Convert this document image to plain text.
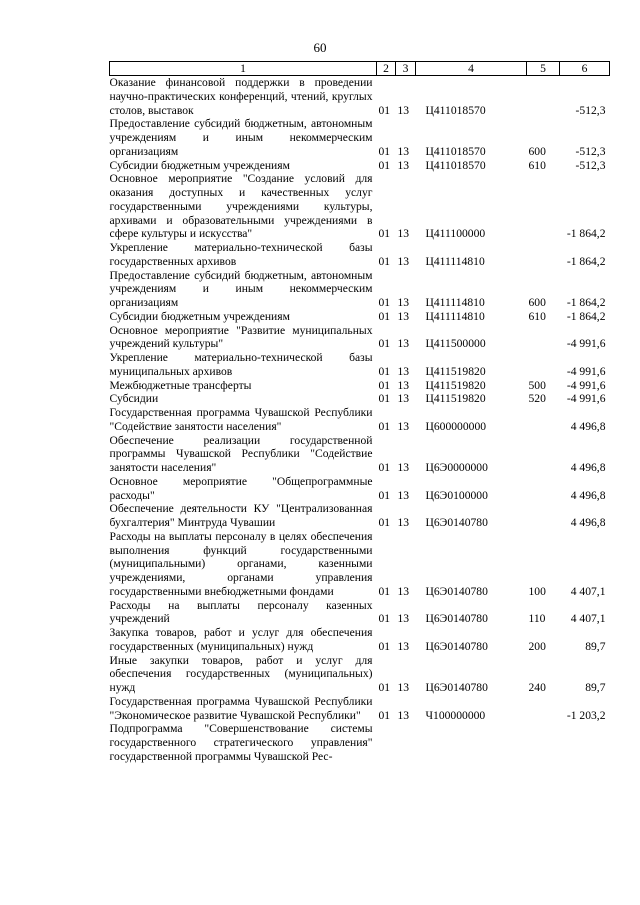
60
1	2	3	4	5	6
Оказание финансовой поддержки в проведении научно-практических конференций, чтений, круглых столов, выставок	01	13	Ц411018570		-512,3
Предоставление субсидий бюджетным, автономным учреждениям и иным некоммерческим организациям	01	13	Ц411018570	600	-512,3
Субсидии бюджетным учреждениям	01	13	Ц411018570	610	-512,3
Основное мероприятие "Создание условий для оказания доступных и качественных услуг государственными учреждениями культуры, архивами и образовательными учреждениями в сфере культуры и искусства"	01	13	Ц411100000		-1 864,2
Укрепление материально-технической базы государственных архивов	01	13	Ц411114810		-1 864,2
Предоставление субсидий бюджетным, автономным учреждениям и иным некоммерческим организациям	01	13	Ц411114810	600	-1 864,2
Субсидии бюджетным учреждениям	01	13	Ц411114810	610	-1 864,2
Основное мероприятие "Развитие муниципальных учреждений культуры"	01	13	Ц411500000		-4 991,6
Укрепление материально-технической базы муниципальных архивов	01	13	Ц411519820		-4 991,6
Межбюджетные трансферты	01	13	Ц411519820	500	-4 991,6
Субсидии	01	13	Ц411519820	520	-4 991,6
Государственная программа Чувашской Республики "Содействие занятости населения"	01	13	Ц600000000		4 496,8
Обеспечение реализации государственной программы Чувашской Республики "Содействие занятости населения"	01	13	Ц6Э0000000		4 496,8
Основное мероприятие "Общепрограммные расходы"	01	13	Ц6Э0100000		4 496,8
Обеспечение деятельности КУ "Централизованная бухгалтерия" Минтруда Чувашии	01	13	Ц6Э0140780		4 496,8
Расходы на выплаты персоналу в целях обеспечения выполнения функций государственными (муниципальными) органами, казенными учреждениями, органами управления государственными внебюджетными фондами	01	13	Ц6Э0140780	100	4 407,1
Расходы на выплаты персоналу казенных учреждений	01	13	Ц6Э0140780	110	4 407,1
Закупка товаров, работ и услуг для обеспечения государственных (муниципальных) нужд	01	13	Ц6Э0140780	200	89,7
Иные закупки товаров, работ и услуг для обеспечения государственных (муниципальных) нужд	01	13	Ц6Э0140780	240	89,7
Государственная программа Чувашской Республики "Экономическое развитие Чувашской Республики"	01	13	Ч100000000		-1 203,2
Подпрограмма "Совершенствование системы государственного стратегического управления" государственной программы Чувашской Рес-					
